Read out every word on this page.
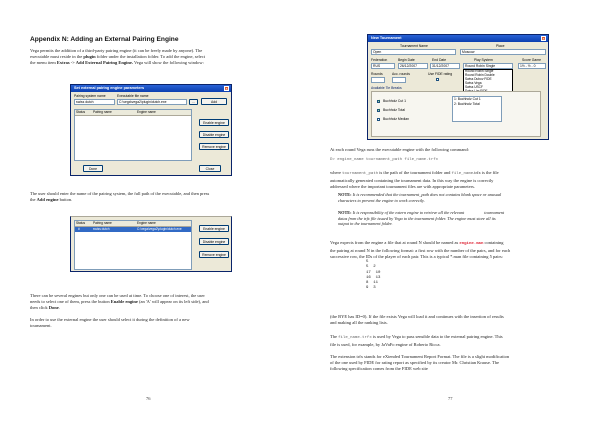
Appendix N: Adding an External Pairing Engine

Vega permits the addition of a third-party pairing engine (it can be freely made by anyone). The
executable must reside in the plugin folder under the installation folder. To add the engine, select
the menu item Extras -> Add External Pairing Engine. Vega will show the following window:

Set external pairing engine parameters	×
Pairing system name	Executable file name
swiss dutch	C:\vega\vega2\plugin\dutch.exe	...	Add
Status Pairing name	Engine name
Enable engine
Disable engine
Remove engine
Done	Close

The user should enter the name of the pairing system, the full path of the executable, and then press
the Add engine button.

Status Pairing name	Engine name
#	swiss dutch	C:\vega\vega2\plugin\dutch.exe	Enable engine
Disable engine
Remove engine

There can be several engines but only one can be used at time. To choose one of interest, the user
needs to select one of them, press the button Enable engine (an 'A' will appear on its left side), and
then click Done.

In order to use the external engine the user should select it during the definition of a new
tournament.

76
New Tournament	×
Tournament Name	Place
Open	Moscow
Federation	Begin Date	End Date	Play System	Score Game
RUS	26/12/2007	31/12/2007	Round Robin Single	1½ - ½ - 0
Round Robin Single
Round Robin Double
Swiss Dubov FIDE
Swiss Vega
Swiss USCF
Rounds	Acc. rounds	Use FIDE rating
Available Tie Breaks
✓
Buchholz Cut 1
✓
Buchholz Total
Buchholz Median
1: Buchholz Cut 1
2: Buchholz Total

At each round Vega runs the executable engine with the following command:

D> engine_name tournament_path file_name.trfx

where tournament_path is the path of the tournament folder and file_name.trfx is the file
automatically generated containing the tournament data. In this way the engine is correctly
addressed where the important tournament files are with appropriate parameters.

NOTE: It is recommended that the tournament_path does not contains blank space or unusual
characters to prevent the engine to work correctly.

NOTE: It is responsibility of the extern engine to retrieve all the relevant	tournament
datas from the trfx file issued by Vega to the tournament folder. The engine must store all its
output in the tournament folder.

Vega expects from the engine a file that at round N should be named as engine.man containing
the pairing at round N in the following format: a first row with the number of the pairs, and for each
successive row, the IDs of the player of each pair. This is a typical *.man file containing 5 pairs:

5
5  2
17  10
16  13
8  11
9  3

(the BYE has ID=0). If the file exists Vega will load it and continues with the insertion of results
and making all the ranking lists.

The file_name.trfx is used by Vega to pass sensible data to the external pairing engine. This
file is used, for example, by JaVaFo engine of Roberto Ricca.

The extension trfx stands for eXtended Tournament Report Format. The file is a slight modification
of the one used by FIDE for rating report as specified by its creator Mr. Christian Krause. The
following specification comes from the FIDE web site

77
